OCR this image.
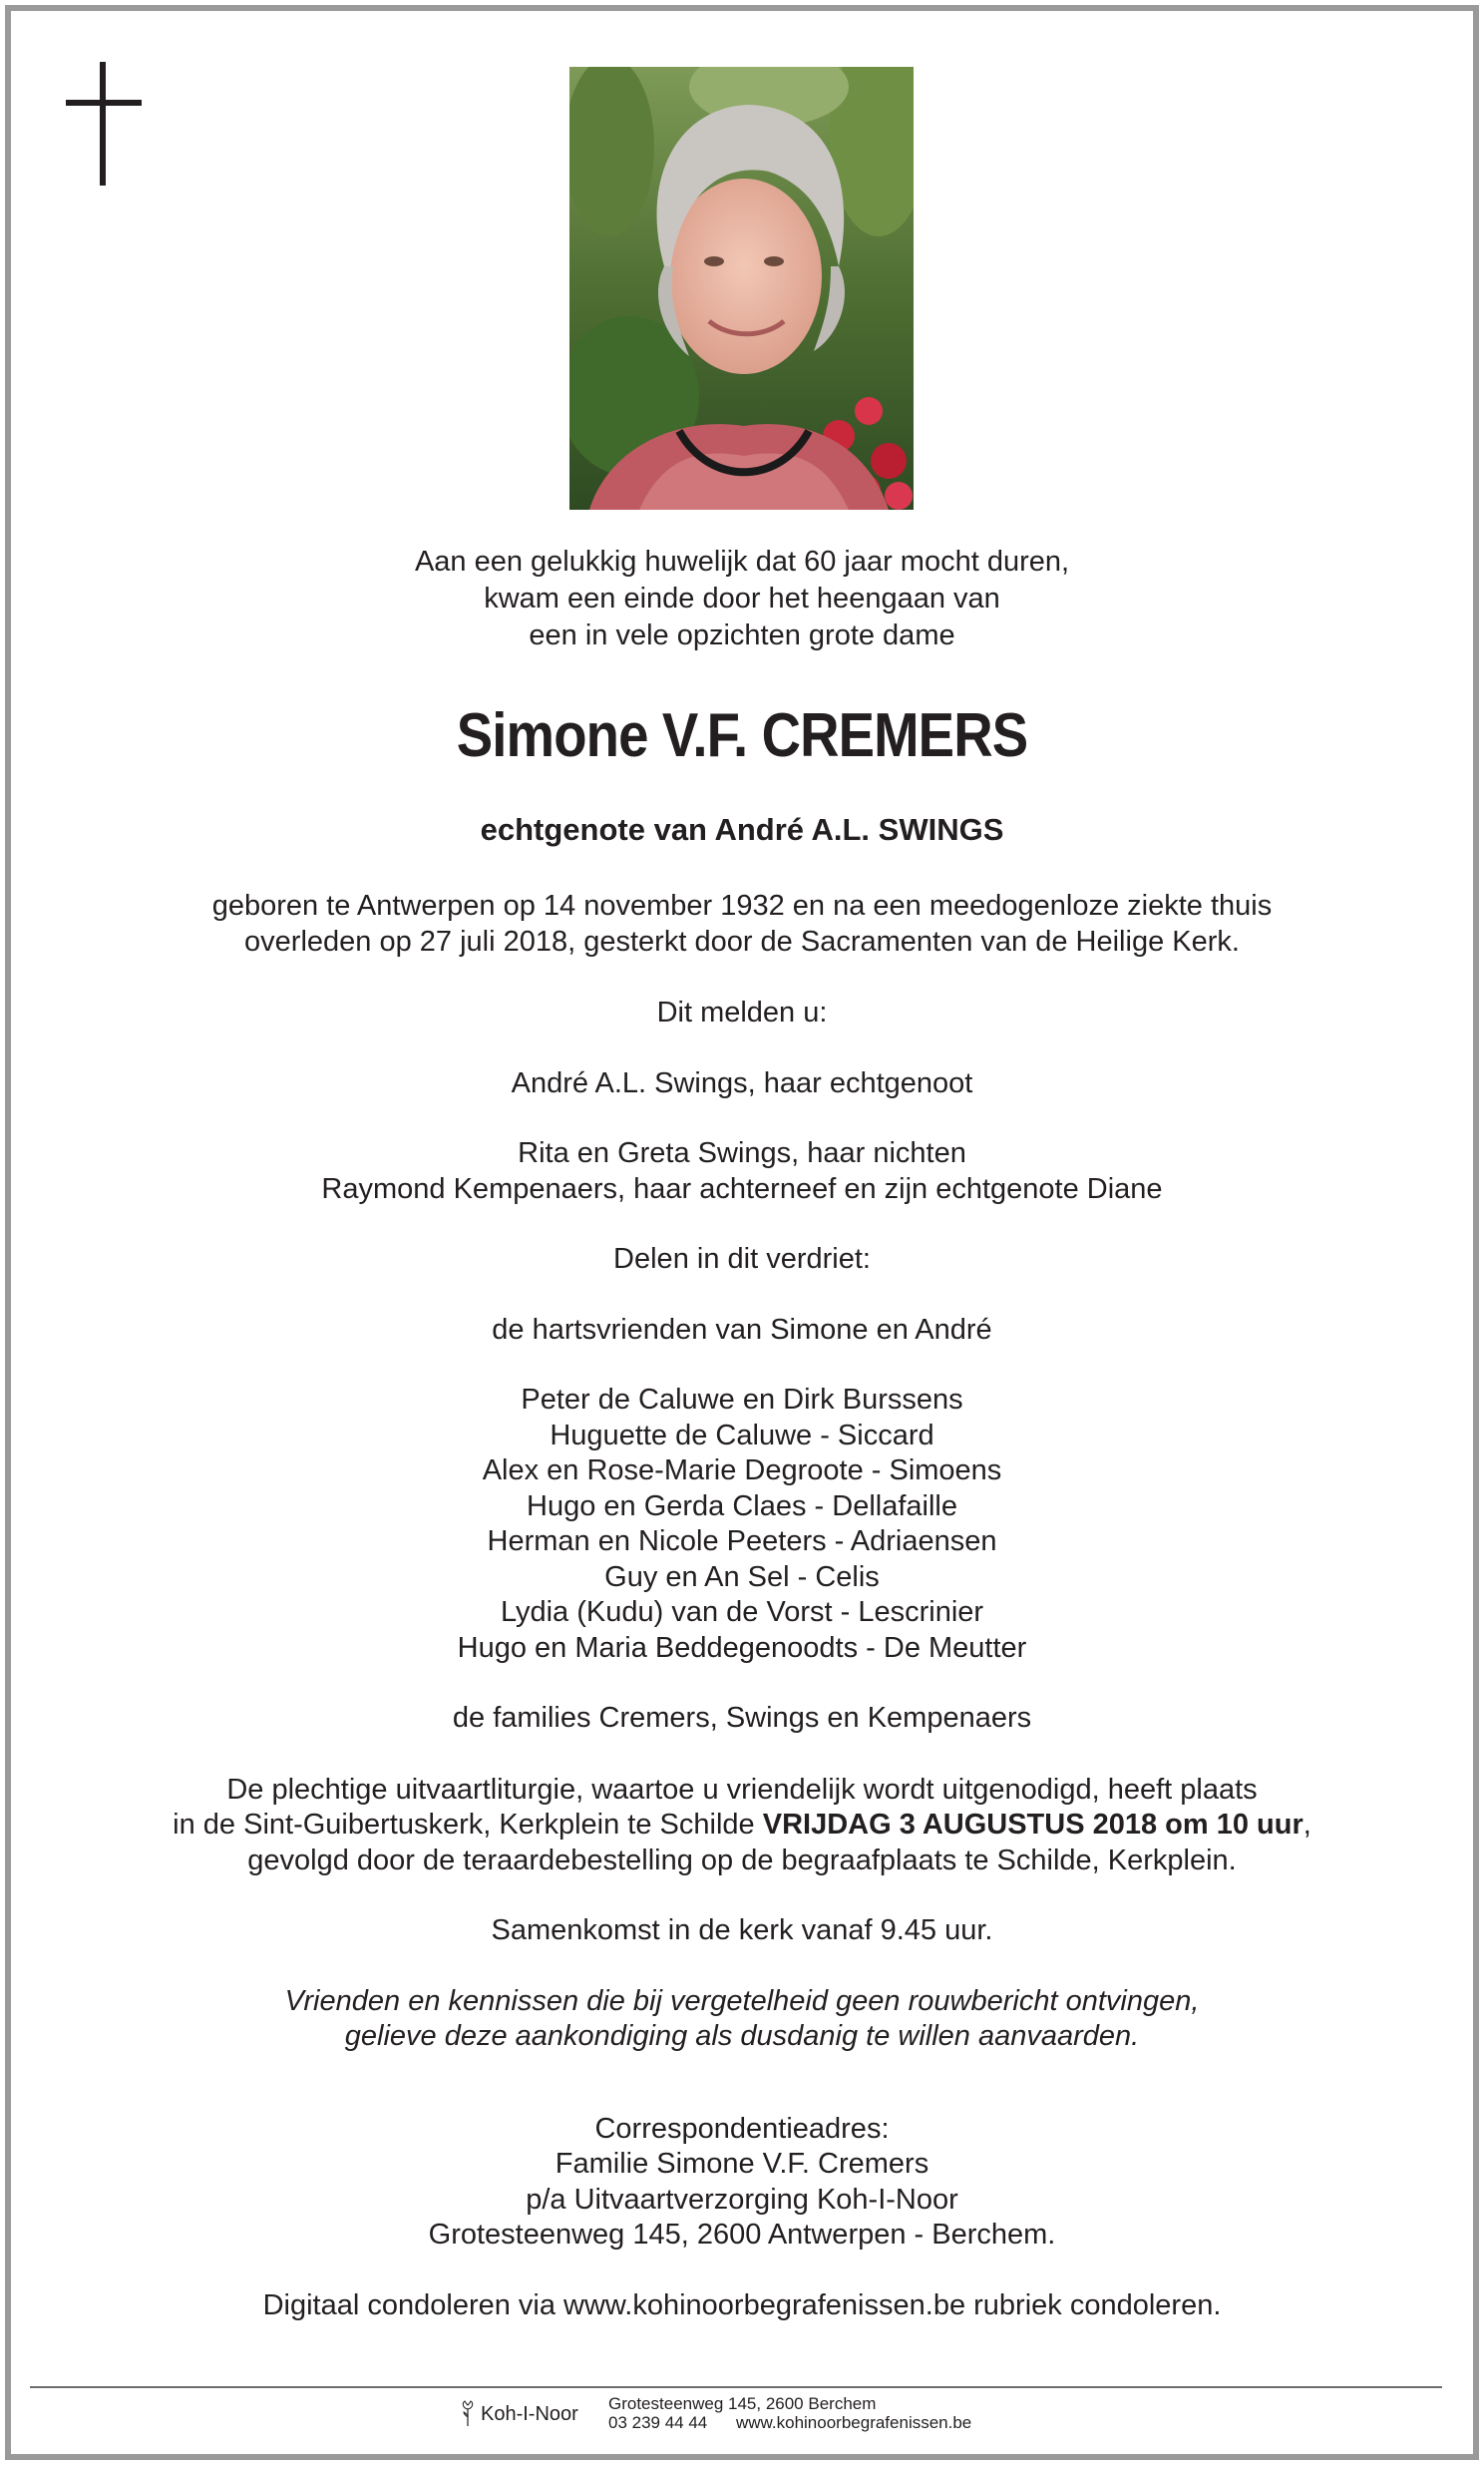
Aan een gelukkig huwelijk dat 60 jaar mocht duren,
kwam een einde door het heengaan van
een in vele opzichten grote dame
Simone V.F. CREMERS
echtgenote van André A.L. SWINGS
geboren te Antwerpen op 14 november 1932 en na een meedogenloze ziekte thuis
overleden op 27 juli 2018, gesterkt door de Sacramenten van de Heilige Kerk.
Dit melden u:
André A.L. Swings, haar echtgenoot
Rita en Greta Swings, haar nichten
Raymond Kempenaers, haar achterneef en zijn echtgenote Diane
Delen in dit verdriet:
de hartsvrienden van Simone en André
Peter de Caluwe en Dirk Burssens
Huguette de Caluwe - Siccard
Alex en Rose-Marie Degroote - Simoens
Hugo en Gerda Claes - Dellafaille
Herman en Nicole Peeters - Adriaensen
Guy en An Sel - Celis
Lydia (Kudu) van de Vorst - Lescrinier
Hugo en Maria Beddegenoodts - De Meutter
de families Cremers, Swings en Kempenaers
De plechtige uitvaartliturgie, waartoe u vriendelijk wordt uitgenodigd, heeft plaats
in de Sint-Guibertuskerk, Kerkplein te Schilde VRIJDAG 3 AUGUSTUS 2018 om 10 uur,
gevolgd door de teraardebestelling op de begraafplaats te Schilde, Kerkplein.
Samenkomst in de kerk vanaf 9.45 uur.
Vrienden en kennissen die bij vergetelheid geen rouwbericht ontvingen,
gelieve deze aankondiging als dusdanig te willen aanvaarden.
Correspondentieadres:
Familie Simone V.F. Cremers
p/a Uitvaartverzorging Koh-I-Noor
Grotesteenweg 145, 2600 Antwerpen - Berchem.
Digitaal condoleren via www.kohinoorbegrafenissen.be rubriek condoleren.
Koh-I-Noor Grotesteenweg 145, 2600 Berchem
03 239 44 44 www.kohinoorbegrafenissen.be
